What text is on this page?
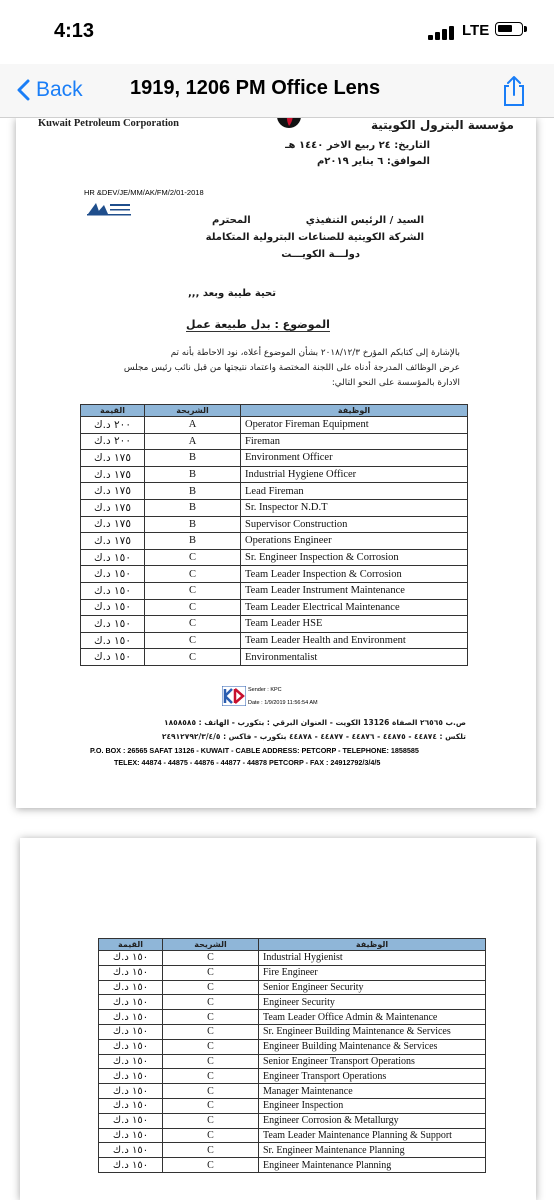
4:13	LTE
Back 1919, 1206 PM Office Lens
Kuwait Petroleum Corporation	مؤسسة البترول الكويتية
التاريخ: ٢٤ ربيع الاخر ١٤٤٠ هـ
الموافق: ٦ يناير ٢٠١٩م
HR &DEV/JE/MM/AK/FM/2/01-2018
السيد / الرئيس التنفيذي
المحترم
الشركة الكويتية للصناعات البترولية المتكاملة
دولـــة الكويـــت
تحية طيبة وبعد ,,,
الموضوع : بدل طبيعة عمل
بالإشارة إلى كتابكم المؤرخ ٢٠١٨/١٢/٣ بشأن الموضوع أعلاه، نود الاحاطة بأنه تم
عرض الوظائف المدرجة أدناه على اللجنة المختصة واعتماد نتيجتها من قبل نائب رئيس مجلس
الادارة بالمؤسسة على النحو التالي:
القيمة	الشريحة	الوظيفة
٢٠٠ د.ك	A	Operator Fireman Equipment
٢٠٠ د.ك	A	Fireman
١٧٥ د.ك	B	Environment Officer
١٧٥ د.ك	B	Industrial Hygiene Officer
١٧٥ د.ك	B	Lead Fireman
١٧٥ د.ك	B	Sr. Inspector N.D.T
١٧٥ د.ك	B	Supervisor Construction
١٧٥ د.ك	B	Operations Engineer
١٥٠ د.ك	C	Sr. Engineer Inspection & Corrosion
١٥٠ د.ك	C	Team Leader Inspection & Corrosion
١٥٠ د.ك	C	Team Leader Instrument Maintenance
١٥٠ د.ك	C	Team Leader Electrical Maintenance
١٥٠ د.ك	C	Team Leader HSE
١٥٠ د.ك	C	Team Leader Health and Environment
١٥٠ د.ك	C	Environmentalist
Sender : KPC
Date : 1/9/2019 11:56:54 AM
ص.ب ٢٦٥٦٥ الصفاة 13126 الكويت - العنوان البرقي : بتكورب - الهاتف : ١٨٥٨٥٨٥
تلكس : ٤٤٨٧٤ - ٤٤٨٧٥ - ٤٤٨٧٦ - ٤٤٨٧٧ - ٤٤٨٧٨ بتكورب - فاكس : ٢٤٩١٢٧٩٢/٣/٤/٥
P.O. BOX : 26565 SAFAT 13126 - KUWAIT - CABLE ADDRESS: PETCORP - TELEPHONE: 1858585
TELEX: 44874 - 44875 - 44876 - 44877 - 44878 PETCORP - FAX : 24912792/3/4/5
القيمة	الشريحة	الوظيفة
١٥٠ د.ك	C	Industrial Hygienist
١٥٠ د.ك	C	Fire Engineer
١٥٠ د.ك	C	Senior Engineer Security
١٥٠ د.ك	C	Engineer Security
١٥٠ د.ك	C	Team Leader Office Admin & Maintenance
١٥٠ د.ك	C	Sr. Engineer Building Maintenance & Services
١٥٠ د.ك	C	Engineer Building Maintenance & Services
١٥٠ د.ك	C	Senior Engineer Transport Operations
١٥٠ د.ك	C	Engineer Transport Operations
١٥٠ د.ك	C	Manager Maintenance
١٥٠ د.ك	C	Engineer Inspection
١٥٠ د.ك	C	Engineer Corrosion & Metallurgy
١٥٠ د.ك	C	Team Leader Maintenance Planning & Support
١٥٠ د.ك	C	Sr. Engineer Maintenance Planning
١٥٠ د.ك	C	Engineer Maintenance Planning
